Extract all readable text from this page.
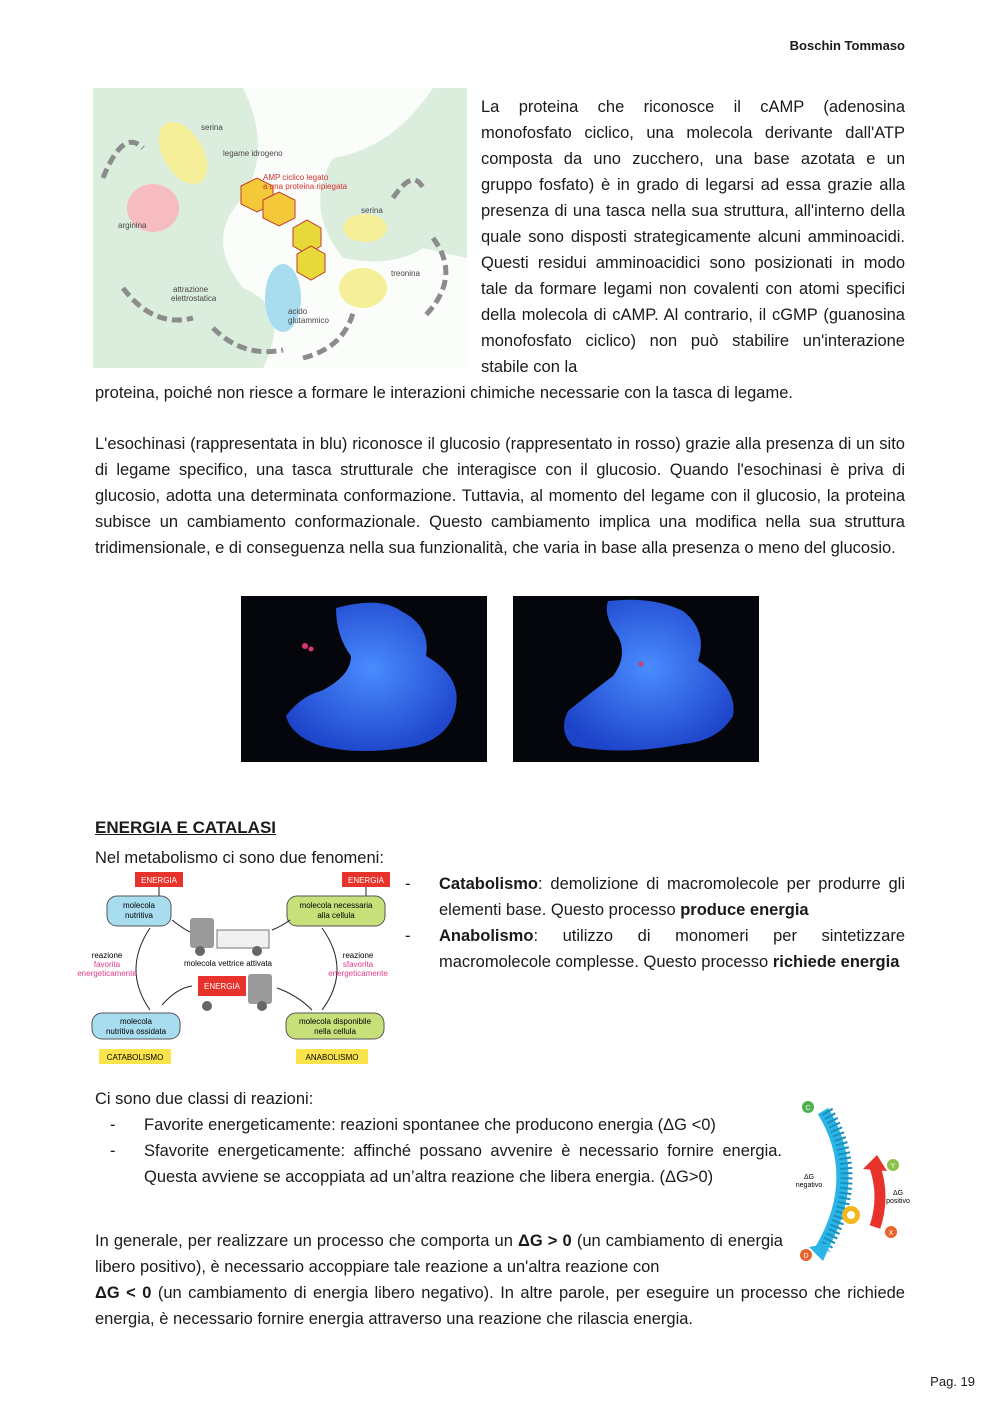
Boschin Tommaso
serina
legame idrogeno
AMP ciclico legato
a una proteina ripiegata
arginina
serina
treonina
attrazione
elettrostatica
acido
glutammico

La proteina che riconosce il cAMP (adenosina monofosfato ciclico, una molecola derivante dall'ATP composta da uno zucchero, una base azotata e un gruppo fosfato) è in grado di legarsi ad essa grazie alla presenza di una tasca nella sua struttura, all'interno della quale sono disposti strategicamente alcuni amminoacidi. Questi residui amminoacidici sono posizionati in modo tale da formare legami non covalenti con atomi specifici della molecola di cAMP. Al contrario, il cGMP (guanosina monofosfato ciclico) non può stabilire un'interazione stabile con la

proteina, poiché non riesce a formare le interazioni chimiche necessarie con la tasca di legame.

L'esochinasi (rappresentata in blu) riconosce il glucosio (rappresentato in rosso) grazie alla presenza di un sito di legame specifico, una tasca strutturale che interagisce con il glucosio. Quando l'esochinasi è priva di glucosio, adotta una determinata conformazione. Tuttavia, al momento del legame con il glucosio, la proteina subisce un cambiamento conformazionale. Questo cambiamento implica una modifica nella sua struttura tridimensionale, e di conseguenza nella sua funzionalità, che varia in base alla presenza o meno del glucosio.

ENERGIA E CATALASI

Nel metabolismo ci sono due fenomeni:

ENERGIA	ENERGIA
molecola
nutritiva
molecola necessaria
alla cellula
reazione
favorita
energeticamente
reazione
sfavorita
energeticamente
molecola vettrice attivata
ENERGIA
molecola
nutritiva ossidata
molecola disponibile
nella cellula
CATABOLISMO	ANABOLISMO
- Catabolismo: demolizione di macromolecole per produrre gli elementi base. Questo processo produce energia
- Anabolismo: utilizzo di monomeri per sintetizzare macromolecole complesse. Questo processo richiede energia

Ci sono due classi di reazioni:

- Favorite energeticamente: reazioni spontanee che producono energia (ΔG <0)
- Sfavorite energeticamente: affinché possano avvenire è necessario fornire energia. Questa avviene se accoppiata ad un’altra reazione che libera energia. (ΔG>0)
C
D
Y
X
ΔG
negativo
ΔG
positivo

In generale, per realizzare un processo che comporta un ΔG > 0 (un cambiamento di energia libero positivo), è necessario accoppiare tale reazione a un'altra reazione con

ΔG < 0 (un cambiamento di energia libero negativo). In altre parole, per eseguire un processo che richiede energia, è necessario fornire energia attraverso una reazione che rilascia energia.

Pag. 19
